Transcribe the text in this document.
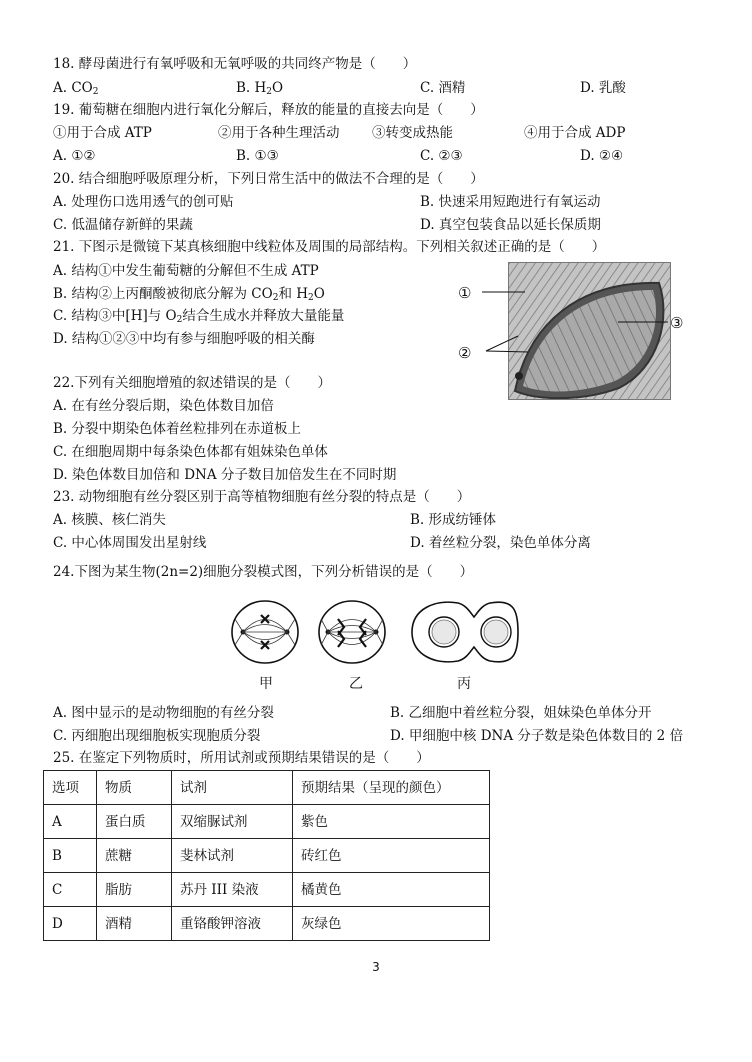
18. 酵母菌进行有氧呼吸和无氧呼吸的共同终产物是（　　）
A. $CO_2$	B. $H_2O$	C. 酒精	D. 乳酸
19. 葡萄糖在细胞内进行氧化分解后，释放的能量的直接去向是（　　）
①用于合成 ATP	②用于各种生理活动 ③转变成热能	④用于合成 ADP
A. ①②	B. ①③	C. ②③	D. ②④
20. 结合细胞呼吸原理分析，下列日常生活中的做法不合理的是（　　）
A. 处理伤口选用透气的创可贴	B. 快速采用短跑进行有氧运动
C. 低温储存新鲜的果蔬	D. 真空包装食品以延长保质期
21. 下图示是微镜下某真核细胞中线粒体及周围的局部结构。下列相关叙述正确的是（　　）
A. 结构①中发生葡萄糖的分解但不生成 ATP
B. 结构②上丙酮酸被彻底分解为 $CO_2$和 $H_2O$
C. 结构③中[H]与 $O_2$结合生成水并释放大量能量
D. 结构①②③中均有参与细胞呼吸的相关酶
①
③
②
22.下列有关细胞增殖的叙述错误的是（　　）
A. 在有丝分裂后期，染色体数目加倍
B. 分裂中期染色体着丝粒排列在赤道板上
C. 在细胞周期中每条染色体都有姐妹染色单体
D. 染色体数目加倍和 DNA 分子数目加倍发生在不同时期
23. 动物细胞有丝分裂区别于高等植物细胞有丝分裂的特点是（　　）
A. 核膜、核仁消失	B. 形成纺锤体
C. 中心体周围发出星射线	D. 着丝粒分裂，染色单体分离
24.下图为某生物(2n=2)细胞分裂模式图，下列分析错误的是（　　）
甲	乙	丙
A. 图中显示的是动物细胞的有丝分裂	B. 乙细胞中着丝粒分裂，姐妹染色单体分开
C. 丙细胞出现细胞板实现胞质分裂	D. 甲细胞中核 DNA 分子数是染色体数目的 2 倍
25. 在鉴定下列物质时，所用试剂或预期结果错误的是（　　）
选项	物质	试剂	预期结果（呈现的颜色）
A	蛋白质	双缩脲试剂	紫色
B	蔗糖	斐林试剂	砖红色
C	脂肪	苏丹 III 染液	橘黄色
D	酒精	重铬酸钾溶液	灰绿色
3
